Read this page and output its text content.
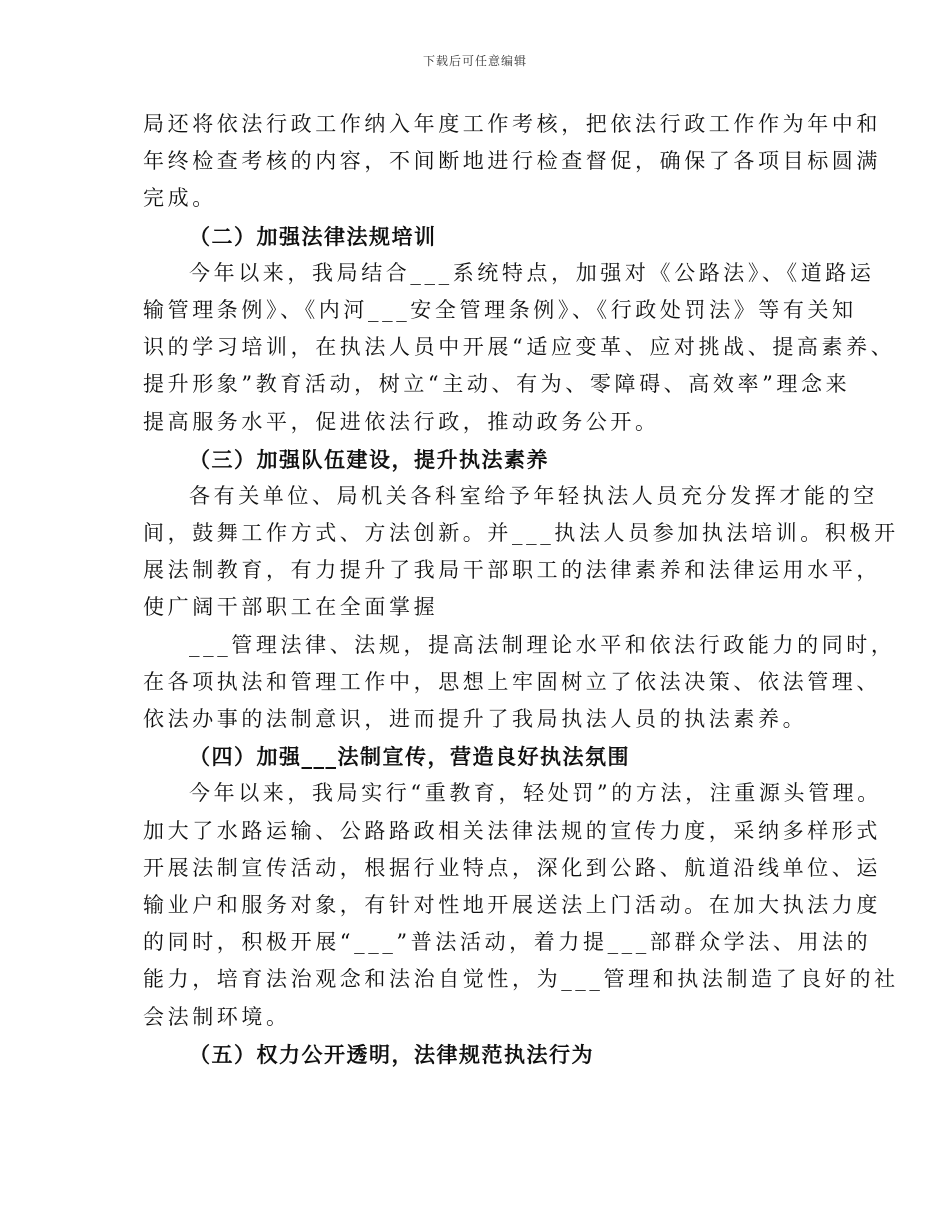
下载后可任意编辑
局还将依法行政工作纳入年度工作考核，把依法行政工作作为年中和
年终检查考核的内容，不间断地进行检查督促，确保了各项目标圆满
完成。
（二）加强法律法规培训
今年以来，我局结合___系统特点，加强对《公路法》、《道路运
输管理条例》、《内河___安全管理条例》、《行政处罚法》等有关知
识的学习培训，在执法人员中开展“适应变革、应对挑战、提高素养、
提升形象”教育活动，树立“主动、有为、零障碍、高效率”理念来
提高服务水平，促进依法行政，推动政务公开。
（三）加强队伍建设，提升执法素养
各有关单位、局机关各科室给予年轻执法人员充分发挥才能的空
间，鼓舞工作方式、方法创新。并___执法人员参加执法培训。积极开
展法制教育，有力提升了我局干部职工的法律素养和法律运用水平，
使广阔干部职工在全面掌握
___管理法律、法规，提高法制理论水平和依法行政能力的同时，
在各项执法和管理工作中，思想上牢固树立了依法决策、依法管理、
依法办事的法制意识，进而提升了我局执法人员的执法素养。
（四）加强___法制宣传，营造良好执法氛围
今年以来，我局实行“重教育，轻处罚”的方法，注重源头管理。
加大了水路运输、公路路政相关法律法规的宣传力度，采纳多样形式
开展法制宣传活动，根据行业特点，深化到公路、航道沿线单位、运
输业户和服务对象，有针对性地开展送法上门活动。在加大执法力度
的同时，积极开展“___”普法活动，着力提___部群众学法、用法的
能力，培育法治观念和法治自觉性，为___管理和执法制造了良好的社
会法制环境。
（五）权力公开透明，法律规范执法行为
